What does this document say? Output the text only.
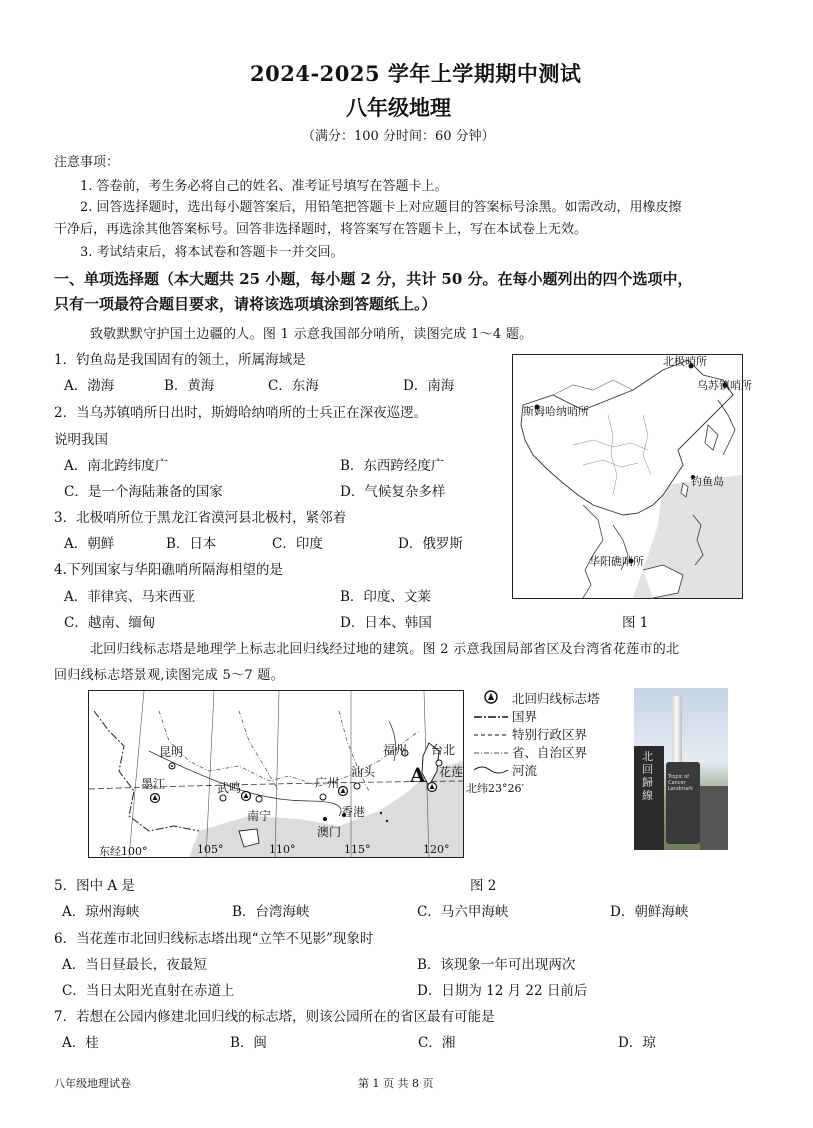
2024-2025 学年上学期期中测试
八年级地理
（满分：100 分时间：60 分钟）
注意事项：
1. 答卷前，考生务必将自己的姓名、准考证号填写在答题卡上。
2. 回答选择题时，选出每小题答案后，用铅笔把答题卡上对应题目的答案标号涂黑。如需改动，用橡皮擦
干净后，再选涂其他答案标号。回答非选择题时，将答案写在答题卡上，写在本试卷上无效。
3. 考试结束后，将本试卷和答题卡一并交回。
一、单项选择题（本大题共 25 小题，每小题 2 分，共计 50 分。在每小题列出的四个选项中，
只有一项最符合题目要求，请将该选项填涂到答题纸上。）
致敬默默守护国土边疆的人。图 1 示意我国部分哨所，读图完成 1～4 题。
1．钓鱼岛是我国固有的领土，所属海域是
A．渤海	B．黄海	C．东海	D．南海
2．当乌苏镇哨所日出时，斯姆哈纳哨所的士兵正在深夜巡逻。
说明我国
A．南北跨纬度广	B．东西跨经度广
C．是一个海陆兼备的国家	D．气候复杂多样
3．北极哨所位于黑龙江省漠河县北极村，紧邻着
A．朝鲜	B．日本	C．印度	D．俄罗斯
4.下列国家与华阳礁哨所隔海相望的是
A．菲律宾、马来西亚	B．印度、文莱
C．越南、缅甸	D．日本、韩国
北极哨所
乌苏镇哨所
斯姆哈纳哨所
钓鱼岛
华阳礁哨所
图 1
北回归线标志塔是地理学上标志北回归线经过地的建筑。图 2 示意我国局部省区及台湾省花莲市的北
回归线标志塔景观,读图完成 5～7 题。
昆明
墨江	武鸣
南宁
广州
汕头
澳门
香港
福州 台北
花莲
A
东经100°	105°	110°	115°	120°
北纬23°26′
北回归线标志塔
国界
特别行政区界
省、自治区界
河流
北回歸線
Tropic of Cancer Landmark
5．图中 A 是	图 2
A．琼州海峡	B．台湾海峡	C．马六甲海峡	D．朝鲜海峡
6．当花莲市北回归线标志塔出现“立竿不见影”现象时
A．当日昼最长，夜最短	B．该现象一年可出现两次
C．当日太阳光直射在赤道上	D．日期为 12 月 22 日前后
7．若想在公园内修建北回归线的标志塔，则该公园所在的省区最有可能是
A．桂	B．闽	C．湘	D．琼
八年级地理试卷	第 1 页 共 8 页
